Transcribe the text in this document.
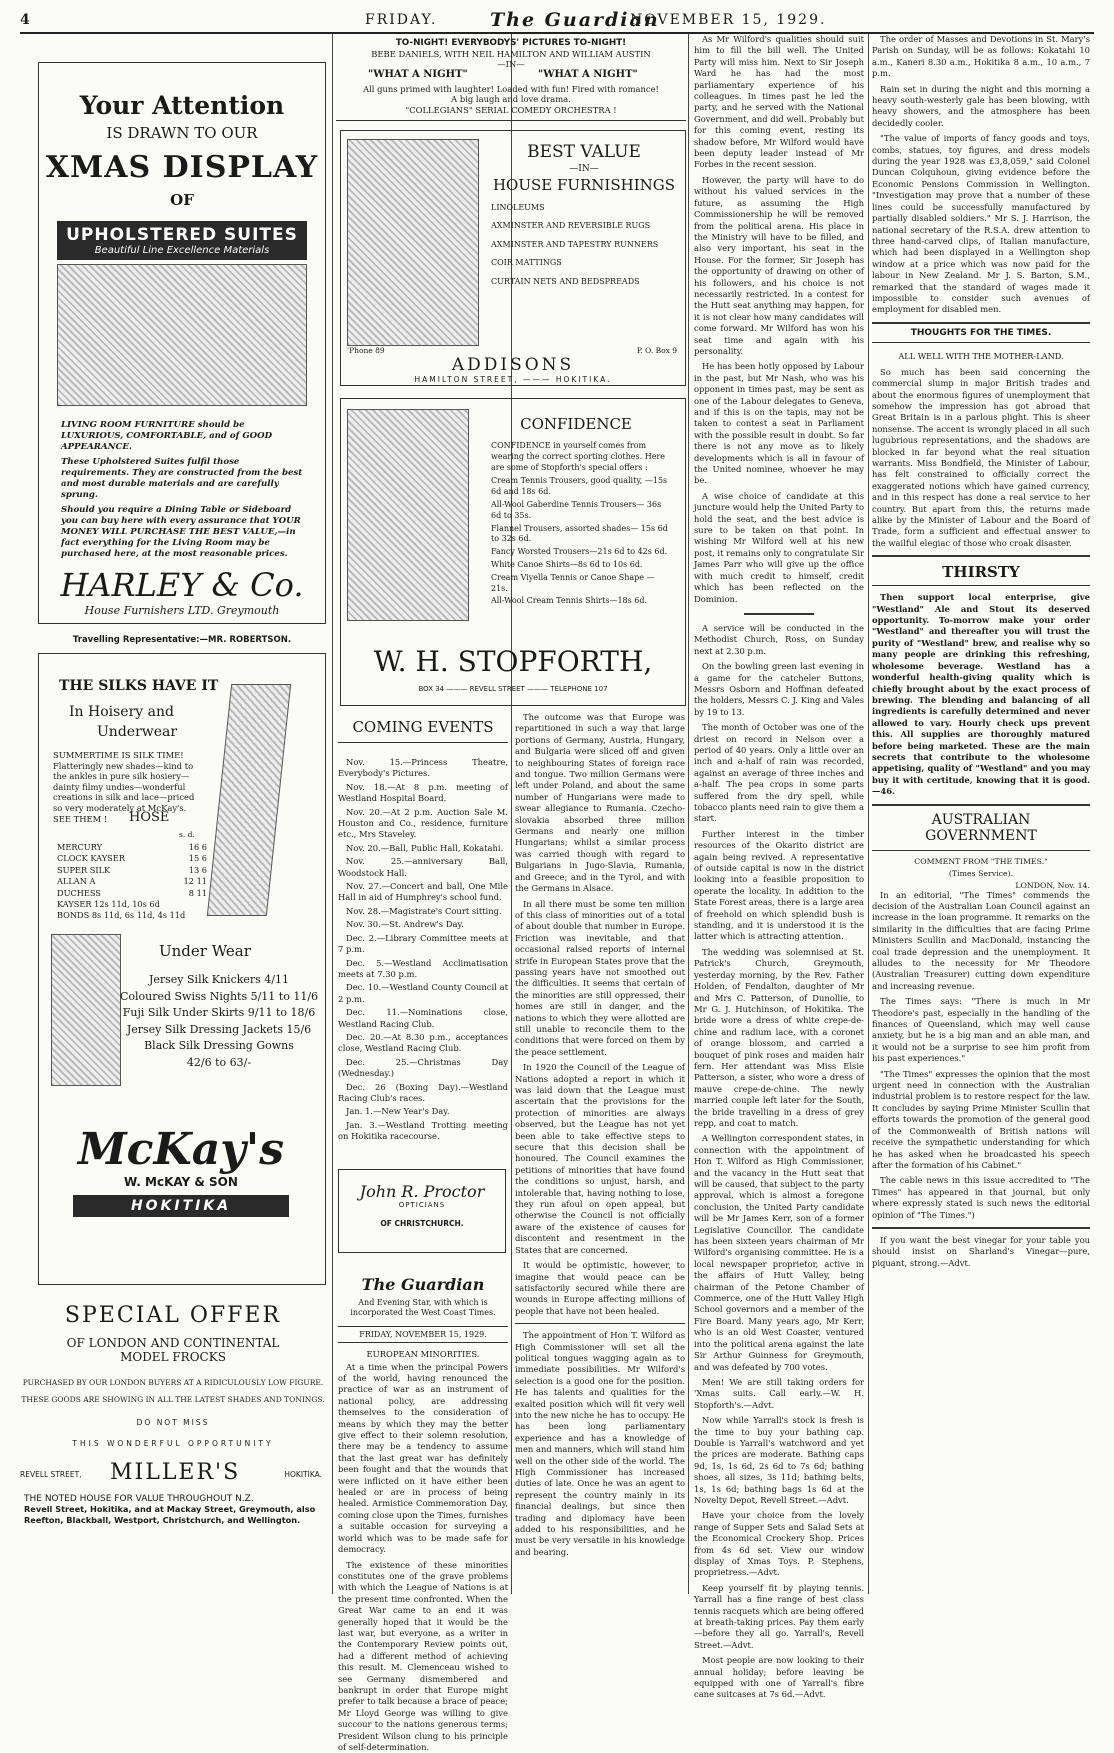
4	FRIDAY.	The Guardian
NOVEMBER 15, 1929.
Your Attention
IS DRAWN TO OUR
XMAS DISPLAY
OF
UPHOLSTERED SUITES
Beautiful Line Excellence Materials
LIVING ROOM FURNITURE should be LUXURIOUS, COMFORTABLE, and of GOOD APPEARANCE.
These Upholstered Suites fulfil those requirements. They are constructed from the best and most durable materials and are carefully sprung.
Should you require a Dining Table or Sideboard you can buy here with every assurance that YOUR MONEY WILL PURCHASE THE BEST VALUE,—in fact everything for the Living Room may be purchased here, at the most reasonable prices.
HARLEY & Co.
House Furnishers LTD. Greymouth
Travelling Representative:—MR. ROBERTSON.
THE SILKS HAVE IT
In Hoisery and
Underwear
SUMMERTIME IS SILK TIME! Flatteringly new shades—kind to the ankles in pure silk hosiery—dainty filmy undies—wonderful creations in silk and lace—priced so very moderately at McKay's. SEE THEM !	HOSE
s. d.
MERCURY	16 6
CLOCK KAYSER	15 6
SUPER SILK	13 6
ALLAN A	12 11
DUCHESS	8 11
KAYSER 12s 11d, 10s 6d
BONDS 8s 11d, 6s 11d, 4s 11d
Under Wear
Jersey Silk Knickers 4/11
Coloured Swiss Nights 5/11 to 11/6
Fuji Silk Under Skirts 9/11 to 18/6
Jersey Silk Dressing Jackets 15/6
Black Silk Dressing Gowns
42/6 to 63/-
McKay's
W. McKAY & SON
HOKITIKA
SPECIAL OFFER
OF LONDON AND CONTINENTAL MODEL FROCKS
PURCHASED BY OUR LONDON BUYERS AT A RIDICULOUSLY LOW FIGURE.
THESE GOODS ARE SHOWING IN ALL THE LATEST SHADES AND TONINGS.
DO NOT MISS
THIS WONDERFUL OPPORTUNITY
REVELL STREET, MILLER'S	HOKITIKA.
THE NOTED HOUSE FOR VALUE THROUGHOUT N.Z.
Revell Street, Hokitika, and at Mackay Street, Greymouth, also Reefton, Blackball, Westport, Christchurch, and Wellington.
TO-NIGHT! EVERYBODYS' PICTURES TO-NIGHT!
BEBE DANIELS, WITH NEIL HAMILTON AND WILLIAM AUSTIN
—IN—
"WHAT A NIGHT"	"WHAT A NIGHT"
All guns primed with laughter! Loaded with fun! Fired with romance!
A big laugh and love drama.
"COLLEGIANS" SERIAL COMEDY ORCHESTRA !
BEST VALUE
—IN—
HOUSE FURNISHINGS
LINOLEUMS
AXMINSTER AND REVERSIBLE RUGS
AXMINSTER AND TAPESTRY RUNNERS
COIR MATTINGS
CURTAIN NETS AND BEDSPREADS
'Phone 89	P. O. Box 9
ADDISONS
HAMILTON STREET, ——— HOKITIKA.
CONFIDENCE
CONFIDENCE in yourself comes from wearing the correct sporting clothes. Here are some of Stopforth's special offers :
Cream Tennis Trousers, good quality, —15s 6d and 18s 6d.
All-Wool Gaberdine Tennis Trousers— 36s 6d to 35s.
Flannel Trousers, assorted shades— 15s 6d to 32s 6d.
Fancy Worsted Trousers—21s 6d to 42s 6d.
White Canoe Shirts—8s 6d to 10s 6d.
Cream Viyella Tennis or Canoe Shape —21s.
All-Wool Cream Tennis Shirts—18s 6d.
W. H. STOPFORTH,
BOX 34 ——— REVELL STREET ——— TELEPHONE 107
COMING EVENTS

Nov. 15.—Princess Theatre, Everybody's Pictures.

Nov. 18.—At 8 p.m. meeting of Westland Hospital Board.

Nov. 20.—At 2 p.m. Auction Sale M. Houston and Co., residence, furniture etc., Mrs Staveley.

Nov. 20.—Ball, Public Hall, Kokatahi.

Nov. 25.—anniversary Ball, Woodstock Hall.

Nov. 27.—Concert and ball, One Mile Hall in aid of Humphrey's school fund.

Nov. 28.—Magistrate's Court sitting.

Nov. 30.—St. Andrew's Day.

Dec. 2.—Library Committee meets at 7 p.m.

Dec. 5.—Westland Acclimatisation meets at 7.30 p.m.

Dec. 10.—Westland County Council at 2 p.m.

Dec. 11.—Nominations close, Westland Racing Club.

Dec. 20.—At 8.30 p.m., acceptances close, Westland Racing Club.

Dec. 25.—Christmas Day (Wednesday.)

Dec. 26 (Boxing Day).—Westland Racing Club's races.

Jan. 1.—New Year's Day.

Jan. 3.—Westland Trotting meeting on Hokitika racecourse.

John R. Proctor
OPTICIANS
OF CHRISTCHURCH.
The Guardian
And Evening Star, with which is incorporated the West Coast Times.
FRIDAY, NOVEMBER 15, 1929.
EUROPEAN MINORITIES.

At a time when the principal Powers of the world, having renounced the practice of war as an instrument of national policy, are addressing themselves to the consideration of means by which they may the better give effect to their solemn resolution, there may be a tendency to assume that the last great war has definitely been fought and that the wounds that were inflicted on it have either been healed or are in process of being healed. Armistice Commemoration Day, coming close upon the Times, furnishes a suitable occasion for surveying a world which was to be made safe for democracy.

The existence of these minorities constitutes one of the grave problems with which the League of Nations is at the present time confronted. When the Great War came to an end it was generally hoped that it would be the last war, but everyone, as a writer in the Contemporary Review points out, had a different method of achieving this result. M. Clemenceau wished to see Germany dismembered and bankrupt in order that Europe might prefer to talk because a brace of peace; Mr Lloyd George was willing to give succour to the nations generous terms; President Wilson clung to his principle of self-determination.

The outcome was that Europe was repartitioned in such a way that large portions of Germany, Austria, Hungary, and Bulgaria were sliced off and given to neighbouring States of foreign race and tongue. Two million Germans were left under Poland, and about the same number of Hungarians were made to swear allegiance to Rumania. Czecho-slovakia absorbed three million Germans and nearly one million Hungarians; whilst a similar process was carried though with regard to Bulgarians in Jugo-Slavia, Rumania, and Greece; and in the Tyrol, and with the Germans in Alsace.

In all there must be some ten million of this class of minorities out of a total of about double that number in Europe. Friction was inevitable, and that occasional ralsed reports of internal strife in European States prove that the passing years have not smoothed out the difficulties. It seems that certain of the minorities are still oppressed, their homes are still in danger, and the nations to which they were allotted are still unable to reconcile them to the conditions that were forced on them by the peace settlement.

In 1920 the Council of the League of Nations adopted a report in which it was laid down that the League must ascertain that the provisions for the protection of minorities are always observed, but the League has not yet been able to take effective steps to secure that this decision shall be honoured. The Council examines the petitions of minorities that have found the conditions so unjust, harsh, and intolerable that, having nothing to lose, they run afoul on open appeal, but otherwise the Council is not officially aware of the existence of causes for discontent and resentment in the States that are concerned.

It would be optimistic, however, to imagine that would peace can be satisfactorily secured while there are wounds in Europe affecting millions of people that have not been healed.

The appointment of Hon T. Wilford as High Commissioner will set all the political tongues wagging again as to immediate possibilities. Mr Wilford's selection is a good one for the position. He has talents and qualities for the exalted position which will fit very well into the new niche he has to occupy. He has been long parliamentary experience and has a knowledge of men and manners, which will stand him well on the other side of the world. The High Commissioner has increased duties of late. Once he was an agent to represent the country mainly in its financial dealings, but since then trading and diplomacy have been added to his responsibilities, and he must be very versatile in his knowledge and bearing.

As Mr Wilford's qualities should suit him to fill the bill well. The United Party will miss him. Next to Sir Joseph Ward he has had the most parliamentary experience of his colleagues. In times past he led the party, and he served with the National Government, and did well. Probably but for this coming event, resting its shadow before, Mr Wilford would have been deputy leader instead of Mr Forbes in the recent session.

However, the party will have to do without his valued services in the future, as assuming the High Commissionership he will be removed from the political arena. His place in the Ministry will have to be filled, and also very important, his seat in the House. For the former, Sir Joseph has the opportunity of drawing on other of his followers, and his choice is not necessarily restricted. In a contest for the Hutt seat anything may happen, for it is not clear how many candidates will come forward. Mr Wilford has won his seat time and again with his personality.

He has been hotly opposed by Labour in the past, but Mr Nash, who was his opponent in times past, may be sent as one of the Labour delegates to Geneva, and if this is on the tapis, may not be taken to contest a seat in Parliament with the possible result in doubt. So far there is not any move as to likely developments which is all in favour of the United nominee, whoever he may be.

A wise choice of candidate at this juncture would help the United Party to hold the seat, and the best advice is sure to be taken on that point. In wishing Mr Wilford well at his new post, it remains only to congratulate Sir James Parr who will give up the office with much credit to himself, credit which has been reflected on the Dominion.

A service will be conducted in the Methodist Church, Ross, on Sunday next at 2.30 p.m.

On the bowling green last evening in a game for the catcheler Buttons, Messrs Osborn and Hoffman defeated the holders, Messrs C. J. King and Vales by 19 to 13.

The month of October was one of the driest on record in Nelson over a period of 40 years. Only a little over an inch and a-half of rain was recorded, against an average of three inches and a-half. The pea crops in some parts suffered from the dry spell, while tobacco plants need rain to give them a start.

Further interest in the timber resources of the Okarito district are again being revived. A representative of outside capital is now in the district looking into a feasible proposition to operate the locality. In addition to the State Forest areas, there is a large area of freehold on which splendid bush is standing, and it is understood it is the latter which is attracting attention.

The wedding was solemnised at St. Patrick's Church, Greymouth, yesterday morning, by the Rev. Father Holden, of Fendalton, daughter of Mr and Mrs C. Patterson, of Dunollie, to Mr G. J. Hutchinson, of Hokitika. The bride wore a dress of white crepe-de-chine and radium lace, with a coronet of orange blossom, and carried a bouquet of pink roses and maiden hair fern. Her attendant was Miss Elsie Patterson, a sister, who wore a dress of mauve crepe-de-chine. The newly married couple left later for the South, the bride travelling in a dress of grey repp, and coat to match.

A Wellington correspondent states, in connection with the appointment of Hon T. Wilford as High Commissioner, and the vacancy in the Hutt seat that will be caused, that subject to the party approval, which is almost a foregone conclusion, the United Party candidate will be Mr James Kerr, son of a former Legislative Councillor. The candidate has been sixteen years chairman of Mr Wilford's organising committee. He is a local newspaper proprietor, active in the affairs of Hutt Valley, being chairman of the Petone Chamber of Commerce, one of the Hutt Valley High School governors and a member of the Fire Board. Many years ago, Mr Kerr, who is an old West Coaster, ventured into the political arena against the late Sir Arthur Guinness for Greymouth, and was defeated by 700 votes.

Men! We are still taking orders for 'Xmas suits. Call early.—W. H. Stopforth's.—Advt.

Now while Yarrall's stock is fresh is the time to buy your bathing cap. Double is Yarrall's watchword and yet the prices are moderate. Bathing caps 9d, 1s, 1s 6d, 2s 6d to 7s 6d; bathing shoes, all sizes, 3s 11d; bathing belts, 1s, 1s 6d; bathing bags 1s 6d at the Novelty Depot, Revell Street.—Advt.

Have your choice from the lovely range of Supper Sets and Salad Sets at the Economical Crockery Shop. Prices from 4s 6d set. View our window display of Xmas Toys. P. Stephens, proprietress.—Advt.

Keep yourself fit by playing tennis. Yarrall has a fine range of best class tennis racquets which are being offered at breath-taking prices. Pay them early—before they all go. Yarrall's, Revell Street.—Advt.

Most people are now looking to their annual holiday; before leaving be equipped with one of Yarrall's fibre cane suitcases at 7s 6d.—Advt.

The order of Masses and Devotions in St. Mary's Parish on Sunday, will be as follows: Kokatahi 10 a.m., Kaneri 8.30 a.m., Hokitika 8 a.m., 10 a.m., 7 p.m.

Rain set in during the night and this morning a heavy south-westerly gale has been blowing, with heavy showers, and the atmosphere has been decidedly cooler.

"The value of imports of fancy goods and toys, combs, statues, toy figures, and dress models during the year 1928 was £3,8,059," said Colonel Duncan Colquhoun, giving evidence before the Economic Pensions Commission in Wellington. "Investigation may prove that a number of these lines could be successfully manufactured by partially disabled soldiers." Mr S. J. Harrison, the national secretary of the R.S.A. drew attention to three hand-carved clips, of Italian manufacture, which had been displayed in a Wellington shop window at a price which was now paid for the labour in New Zealand. Mr J. S. Barton, S.M., remarked that the standard of wages made it impossible to consider such avenues of employment for disabled men.

THOUGHTS FOR THE TIMES.
ALL WELL WITH THE MOTHER-LAND.

So much has been said concerning the commercial slump in major British trades and about the enormous figures of unemployment that somehow the impression has got abroad that Great Britain is in a parlous plight. This is sheer nonsense. The accent is wrongly placed in all such lugubrious representations, and the shadows are blocked in far beyond what the real situation warrants. Miss Bondfield, the Minister of Labour, has felt constrained to officially correct the exaggerated notions which have gained currency, and in this respect has done a real service to her country. But apart from this, the returns made alike by the Minister of Labour and the Board of Trade, form a sufficient and effectual answer to the wailful elegiac of those who croak disaster.

THIRSTY

Then support local enterprise, give "Westland" Ale and Stout its deserved opportunity. To-morrow make your order "Westland" and thereafter you will trust the purity of "Westland" brew, and realise why so many people are drinking this refreshing, wholesome beverage. Westland has a wonderful health-giving quality which is chiefly brought about by the exact process of brewing. The blending and balancing of all ingredients is carefully determined and never allowed to vary. Hourly check ups prevent this. All supplies are thoroughly matured before being marketed. These are the main secrets that contribute to the wholesome appetising, quality of "Westland" and you may buy it with certitude, knowing that it is good.—46.

AUSTRALIAN
GOVERNMENT
COMMENT FROM "THE TIMES."
(Times Service).
LONDON, Nov. 14.

In an editorial, "The Times" commends the decision of the Australian Loan Council against an increase in the loan programme. It remarks on the similarity in the difficulties that are facing Prime Ministers Scullin and MacDonald, instancing the coal trade depression and the unemployment. It alludes to the necessity for Mr Theodore (Australian Treasurer) cutting down expenditure and increasing revenue.

The Times says: "There is much in Mr Theodore's past, especially in the handling of the finances of Queensland, which may well cause anxiety, but he is a big man and an able man, and it would not be a surprise to see him profit from his past experiences."

"The Times" expresses the opinion that the most urgent need in connection with the Australian industrial problem is to restore respect for the law. It concludes by saying Prime Minister Scullin that efforts towards the promotion of the general good of the Commonwealth of British nations will receive the sympathetic understanding for which he has asked when he broadcasted his speech after the formation of his Cabinet."

The cable news in this issue accredited to "The Times" has appeared in that journal, but only where expressly stated is such news the editorial opinion of "The Times.")

If you want the best vinegar for your table you should insist on Sharland's Vinegar—pure, piquant, strong.—Advt.
